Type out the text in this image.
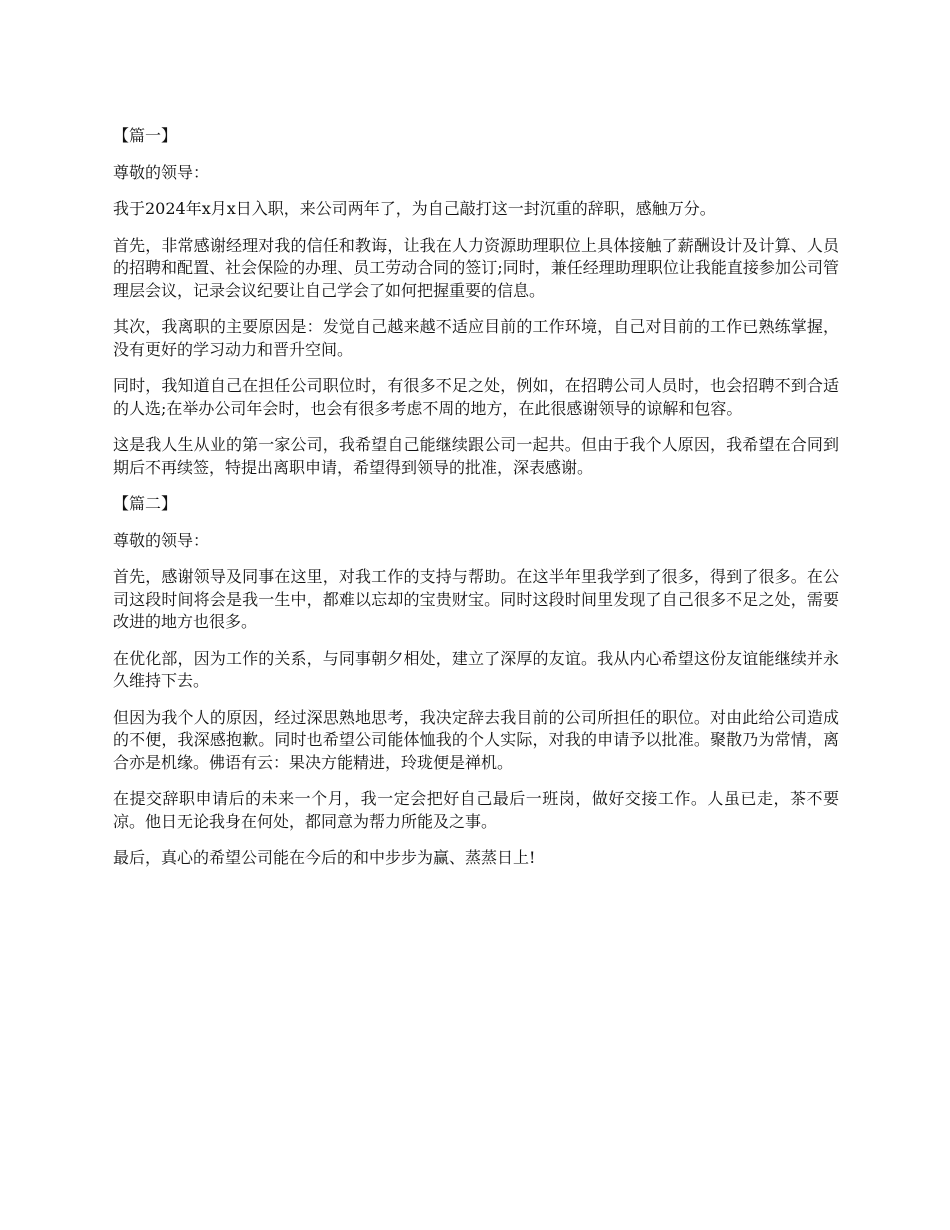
【篇一】

尊敬的领导：

我于2024年x月x日入职，来公司两年了，为自己敲打这一封沉重的辞职，感触万分。

首先，非常感谢经理对我的信任和教诲，让我在人力资源助理职位上具体接触了薪酬设计及计算、人员的招聘和配置、社会保险的办理、员工劳动合同的签订;同时，兼任经理助理职位让我能直接参加公司管理层会议，记录会议纪要让自己学会了如何把握重要的信息。

其次，我离职的主要原因是：发觉自己越来越不适应目前的工作环境，自己对目前的工作已熟练掌握，没有更好的学习动力和晋升空间。

同时，我知道自己在担任公司职位时，有很多不足之处，例如，在招聘公司人员时，也会招聘不到合适的人选;在举办公司年会时，也会有很多考虑不周的地方，在此很感谢领导的谅解和包容。

这是我人生从业的第一家公司，我希望自己能继续跟公司一起共。但由于我个人原因，我希望在合同到期后不再续签，特提出离职申请，希望得到领导的批准，深表感谢。

【篇二】

尊敬的领导：

首先，感谢领导及同事在这里，对我工作的支持与帮助。在这半年里我学到了很多，得到了很多。在公司这段时间将会是我一生中，都难以忘却的宝贵财宝。同时这段时间里发现了自己很多不足之处，需要改进的地方也很多。

在优化部，因为工作的关系，与同事朝夕相处，建立了深厚的友谊。我从内心希望这份友谊能继续并永久维持下去。

但因为我个人的原因，经过深思熟地思考，我决定辞去我目前的公司所担任的职位。对由此给公司造成的不便，我深感抱歉。同时也希望公司能体恤我的个人实际，对我的申请予以批准。聚散乃为常情，离合亦是机缘。佛语有云：果决方能精进，玲珑便是禅机。

在提交辞职申请后的未来一个月，我一定会把好自己最后一班岗，做好交接工作。人虽已走，茶不要凉。他日无论我身在何处，都同意为帮力所能及之事。

最后，真心的希望公司能在今后的和中步步为赢、蒸蒸日上!
